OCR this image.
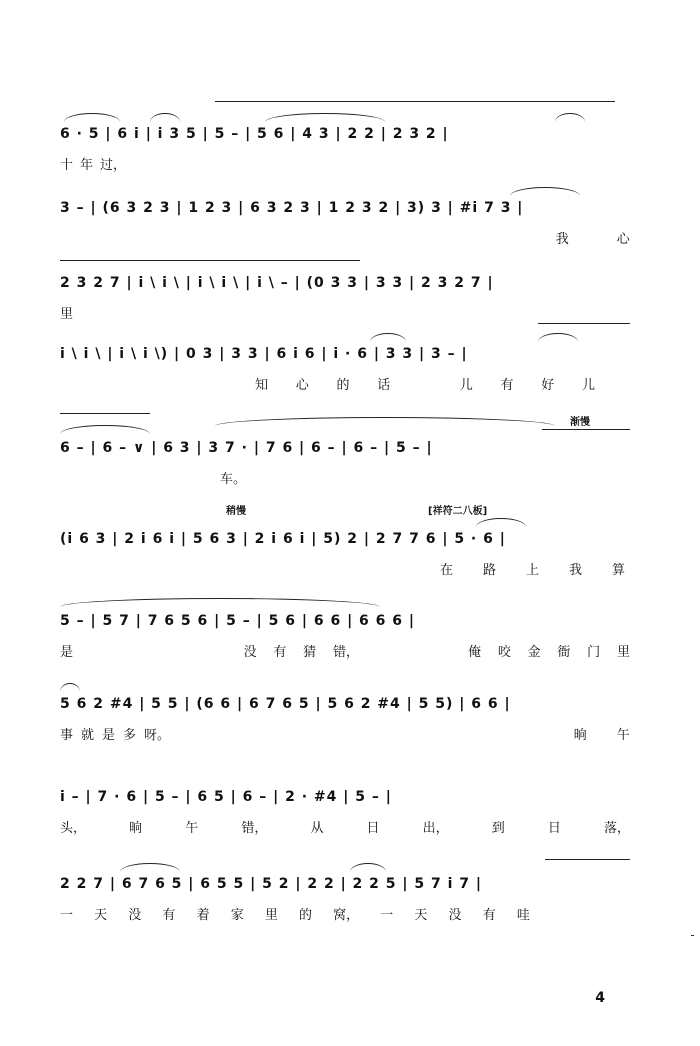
6 · 5 | 6 i | i̇ 3 5 | 5 – | 5 6 | 4 3 | 2 2 | 2 3 2 |
十 年 过，
3 – | (6 3 2 3 | 1 2 3 | 6 3 2 3 | 1 2 3 2 | 3) 3 | #i 7 3 |
我	心
2 3 2 7 | i \ i \ | i \ i \ | i \ – | (0 3 3 | 3 3 | 2 3 2 7 |
里
i \ i \ | i \ i \) | 0 3 | 3 3 | 6 i 6 | i · 6 | 3 3 | 3 – |
知 心 的 话	儿 有 好 儿
渐慢
6 – | 6 – ∨ | 6 3 | 3 7 · | 7 6 | 6 – | 6 – | 5 – |
车。
稍慢	[祥符二八板]
(i 6 3 | 2 i 6 i | 5 6 3 | 2 i 6 i | 5) 2 | 2 7 7 6 | 5 · 6 |
在 路 上 我 算
5 – | 5 7 | 7 6 5 6 | 5 – | 5 6 | 6 6 | 6 6 6 |
是	没 有 猜 错，	俺 咬 金 衙 门 里
5 6 2 #4 | 5 5 | (6 6 | 6 7 6 5 | 5 6 2 #4 | 5 5) | 6 6 |
事 就 是 多 呀。	晌 午
i – | 7 · 6 | 5 – | 6 5 | 6 – | 2 · #4 | 5 – |
头，	晌	午	错，	从	日	出，	到	日	落，
2 2 7 | 6 7 6 5 | 6 5 5 | 5 2 | 2 2 | 2 2 5 | 5 7 i 7 |
一 天 没 有 着 家 里 的 窝， 一 天 没 有 哇
4
